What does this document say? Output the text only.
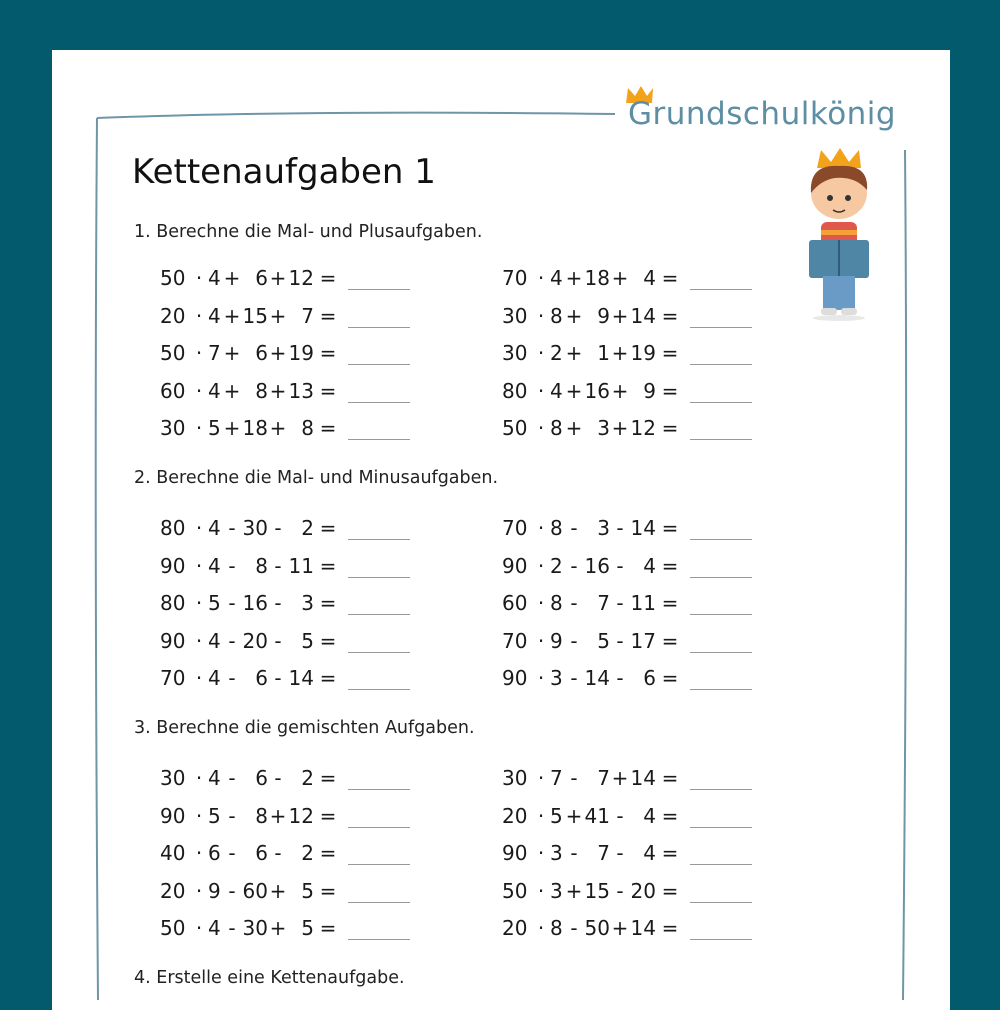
Grundschulkönig
Kettenaufgaben 1
1. Berechne die Mal- und Plusaufgaben.
50 · 4 + 6 + 12 =
20 · 4 + 15 + 7 =
50 · 7 + 6 + 19 =
60 · 4 + 8 + 13 =
30 · 5 + 18 + 8 =
70 · 4 + 18 + 4 =
30 · 8 + 9 + 14 =
30 · 2 + 1 + 19 =
80 · 4 + 16 + 9 =
50 · 8 + 3 + 12 =
2. Berechne die Mal- und Minusaufgaben.
80 · 4 - 30 - 2 =
90 · 4 - 8 - 11 =
80 · 5 - 16 - 3 =
90 · 4 - 20 - 5 =
70 · 4 - 6 - 14 =
70 · 8 - 3 - 14 =
90 · 2 - 16 - 4 =
60 · 8 - 7 - 11 =
70 · 9 - 5 - 17 =
90 · 3 - 14 - 6 =
3. Berechne die gemischten Aufgaben.
30 · 4 - 6 - 2 =
90 · 5 - 8 + 12 =
40 · 6 - 6 - 2 =
20 · 9 - 60 + 5 =
50 · 4 - 30 + 5 =
30 · 7 - 7 + 14 =
20 · 5 + 41 - 4 =
90 · 3 - 7 - 4 =
50 · 3 + 15 - 20 =
20 · 8 - 50 + 14 =
4. Erstelle eine Kettenaufgabe.
